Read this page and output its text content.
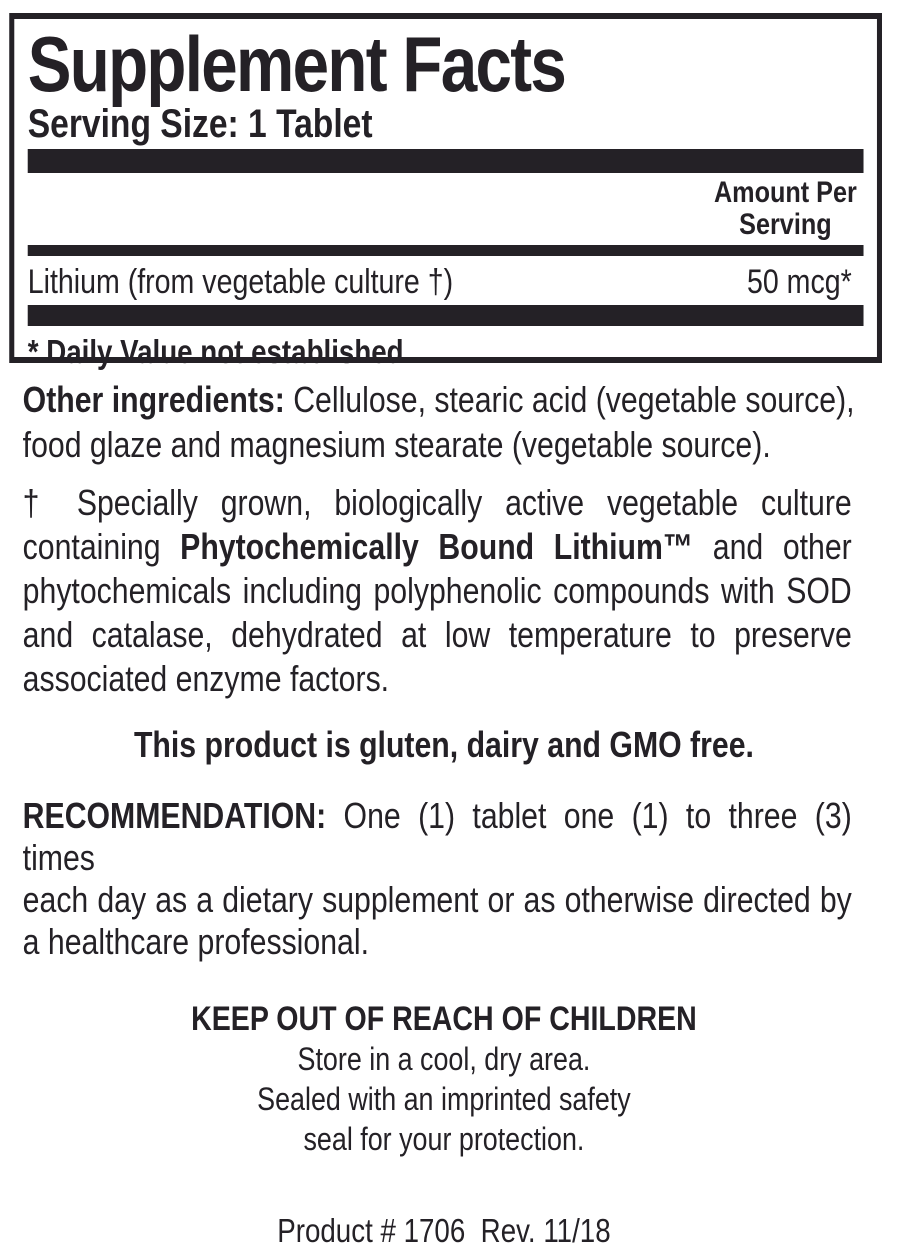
Supplement Facts
Serving Size: 1 Tablet
Amount Per
Serving
Lithium (from vegetable culture †)	50 mcg*
* Daily Value not established
Other ingredients: Cellulose, stearic acid (vegetable source),
food glaze and magnesium stearate (vegetable source).
† Specially grown, biologically active vegetable culture
containing Phytochemically Bound Lithium™ and other
phytochemicals including polyphenolic compounds with SOD
and catalase, dehydrated at low temperature to preserve
associated enzyme factors.
This product is gluten, dairy and GMO free.
RECOMMENDATION: One (1) tablet one (1) to three (3) times
each day as a dietary supplement or as otherwise directed by
a healthcare professional.
KEEP OUT OF REACH OF CHILDREN
Store in a cool, dry area.
Sealed with an imprinted safety
seal for your protection.
Product # 1706  Rev. 11/18
